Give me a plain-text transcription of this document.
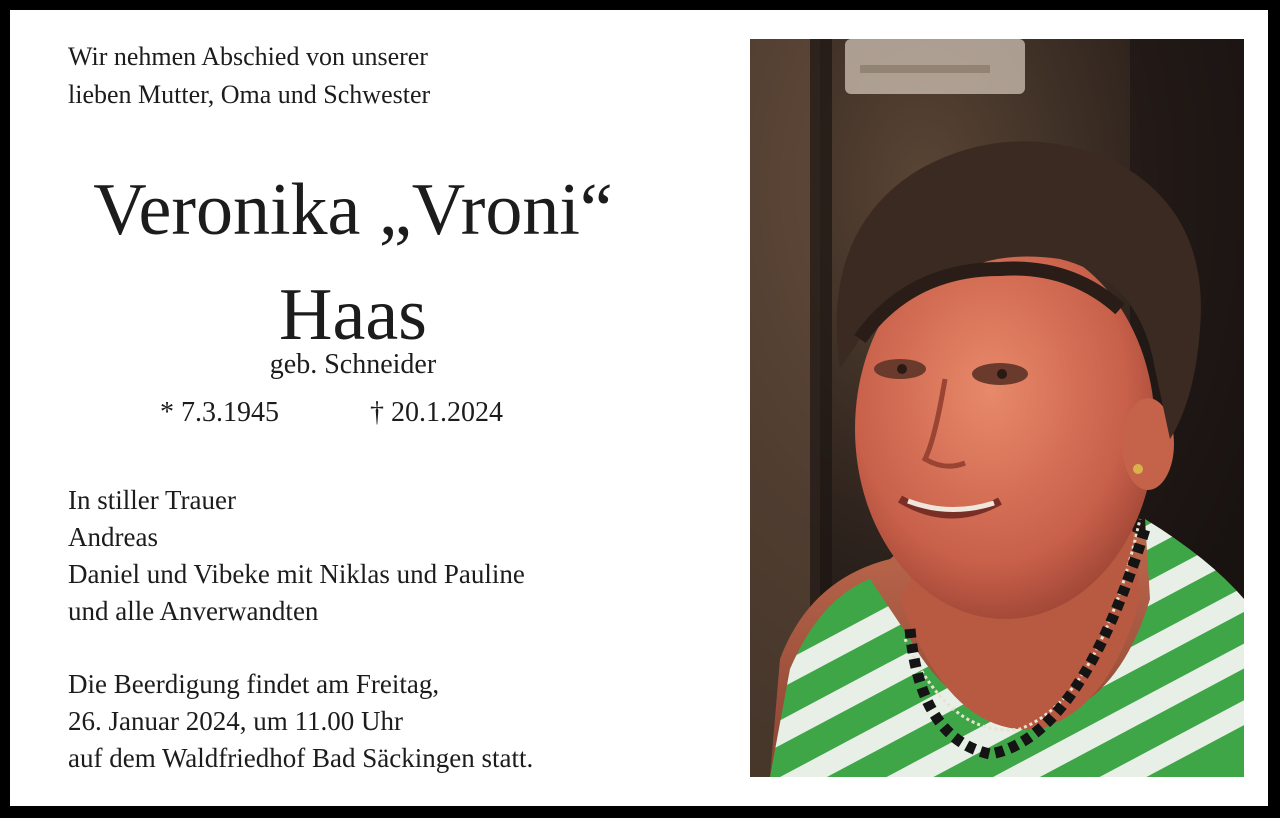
Wir nehmen Abschied von unserer
lieben Mutter, Oma und Schwester
Veronika „Vroni“
Haas
geb. Schneider
* 7.3.1945	† 20.1.2024
In stiller Trauer
Andreas
Daniel und Vibeke mit Niklas und Pauline
und alle Anverwandten
Die Beerdigung findet am Freitag,
26. Januar 2024, um 11.00 Uhr
auf dem Waldfriedhof Bad Säckingen statt.
